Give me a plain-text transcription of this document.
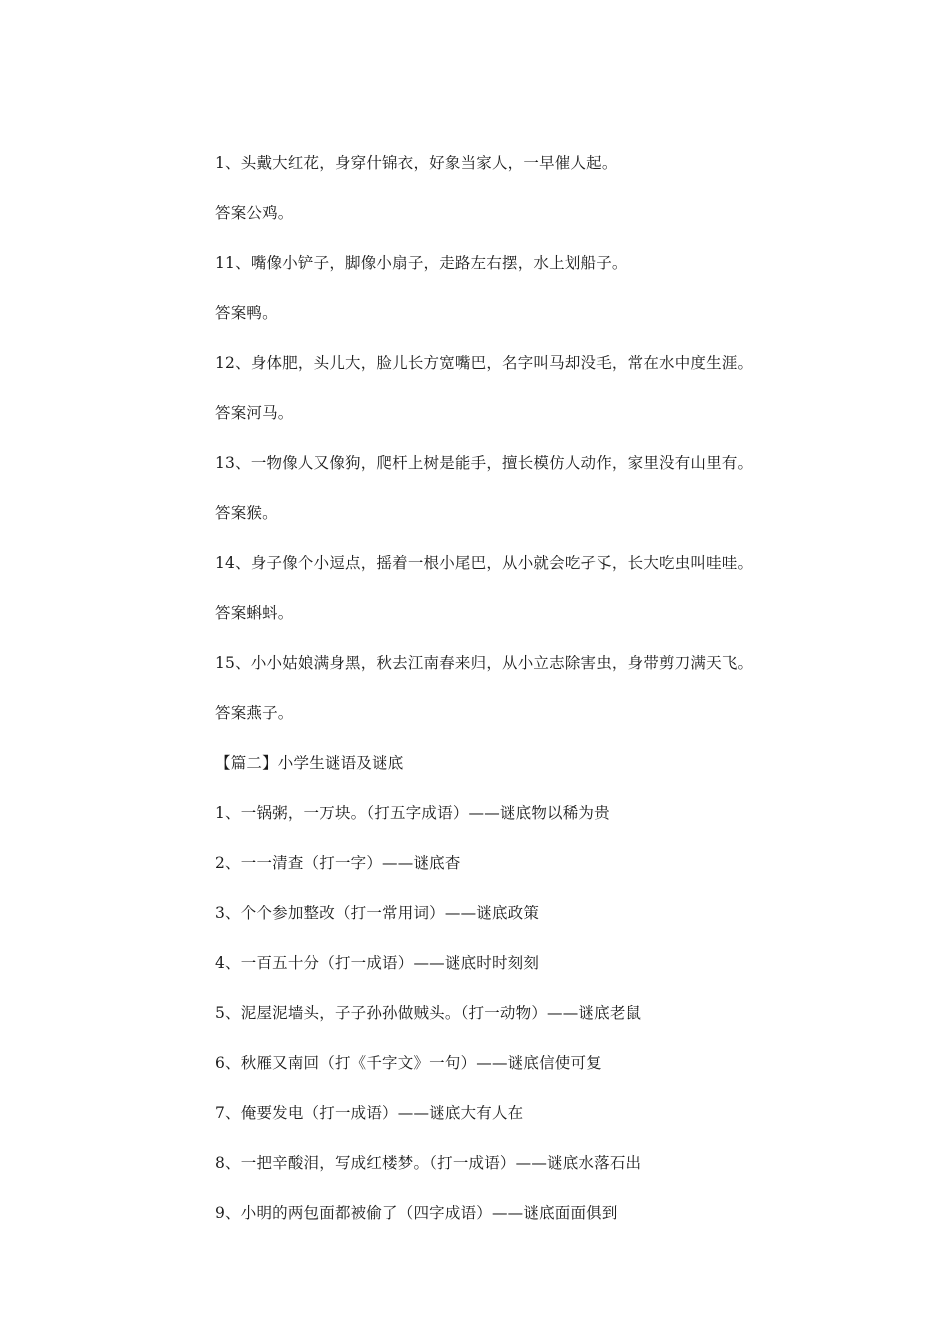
1、头戴大红花，身穿什锦衣，好象当家人，一早催人起。
答案公鸡。
11、嘴像小铲子，脚像小扇子，走路左右摆，水上划船子。
答案鸭。
12、身体肥，头儿大，脸儿长方宽嘴巴，名字叫马却没毛，常在水中度生涯。
答案河马。
13、一物像人又像狗，爬杆上树是能手，擅长模仿人动作，家里没有山里有。
答案猴。
14、身子像个小逗点，摇着一根小尾巴，从小就会吃孑孓，长大吃虫叫哇哇。
答案蝌蚪。
15、小小姑娘满身黑，秋去江南春来归，从小立志除害虫，身带剪刀满天飞。
答案燕子。
【篇二】小学生谜语及谜底
1、一锅粥，一万块。（打五字成语）——谜底物以稀为贵
2、一一清查（打一字）——谜底杳
3、个个参加整改（打一常用词）——谜底政策
4、一百五十分（打一成语）——谜底时时刻刻
5、泥屋泥墙头，子子孙孙做贼头。（打一动物）——谜底老鼠
6、秋雁又南回（打《千字文》一句）——谜底信使可复
7、俺要发电（打一成语）——谜底大有人在
8、一把辛酸泪，写成红楼梦。（打一成语）——谜底水落石出
9、小明的两包面都被偷了（四字成语）——谜底面面俱到
